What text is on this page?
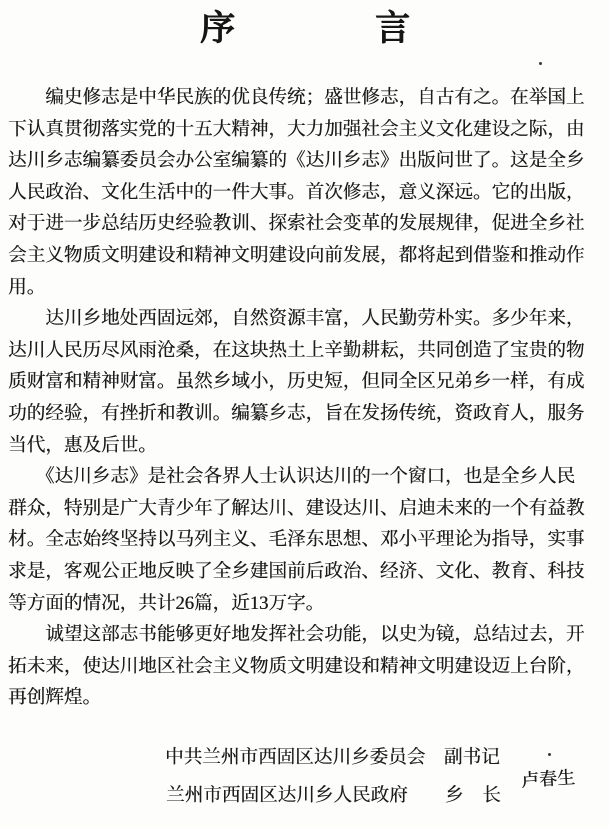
序　　　　言
　　编史修志是中华民族的优良传统；盛世修志，自古有之。在举国上
下认真贯彻落实党的十五大精神，大力加强社会主义文化建设之际，由
达川乡志编纂委员会办公室编纂的《达川乡志》出版问世了。这是全乡
人民政治、文化生活中的一件大事。首次修志，意义深远。它的出版，
对于进一步总结历史经验教训、探索社会变革的发展规律，促进全乡社
会主义物质文明建设和精神文明建设向前发展，都将起到借鉴和推动作
用。
　　达川乡地处西固远郊，自然资源丰富，人民勤劳朴实。多少年来，
达川人民历尽风雨沧桑，在这块热土上辛勤耕耘，共同创造了宝贵的物
质财富和精神财富。虽然乡域小，历史短，但同全区兄弟乡一样，有成
功的经验，有挫折和教训。编纂乡志，旨在发扬传统，资政育人，服务
当代，惠及后世。
　　《达川乡志》是社会各界人士认识达川的一个窗口，也是全乡人民
群众，特别是广大青少年了解达川、建设达川、启迪未来的一个有益教
材。全志始终坚持以马列主义、毛泽东思想、邓小平理论为指导，实事
求是，客观公正地反映了全乡建国前后政治、经济、文化、教育、科技
等方面的情况，共计26篇，近13万字。
　　诚望这部志书能够更好地发挥社会功能，以史为镜，总结过去，开
拓未来，使达川地区社会主义物质文明建设和精神文明建设迈上台阶，
再创辉煌。
中共兰州市西固区达川乡委员会　副书记
兰州市西固区达川乡人民政府　　乡　长
卢春生
